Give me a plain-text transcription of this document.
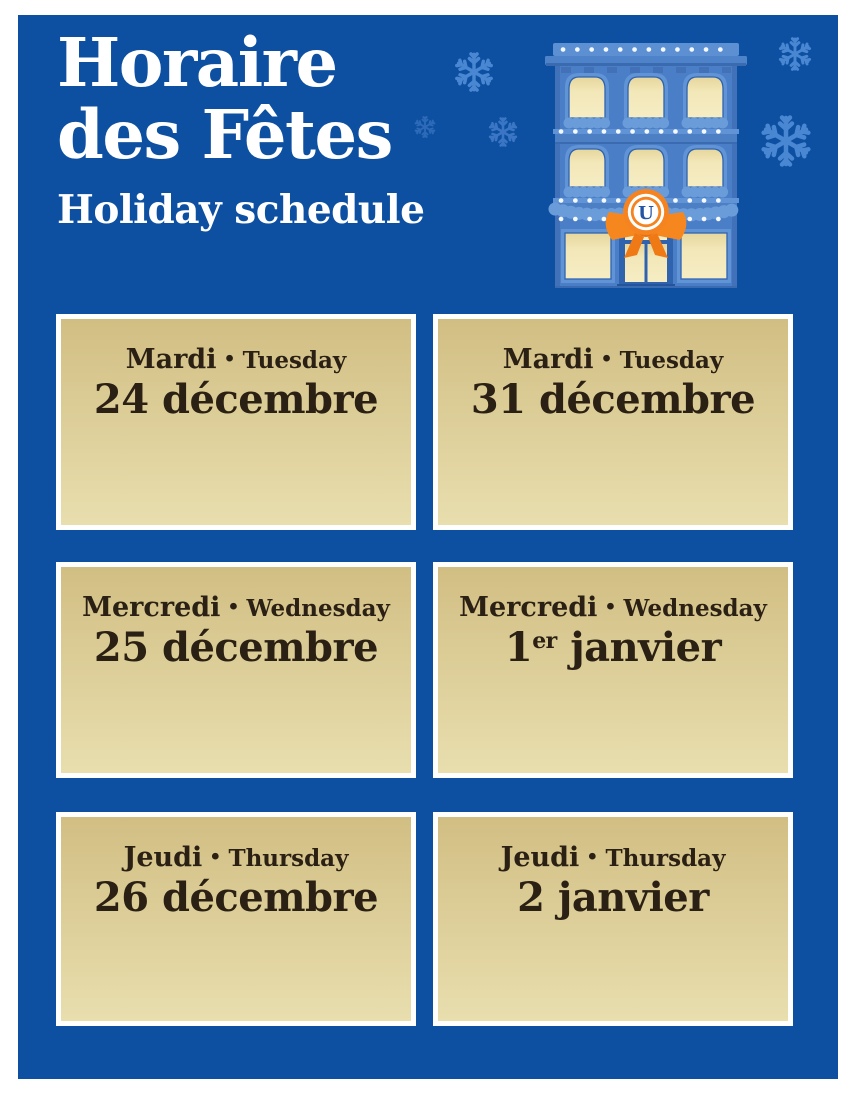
Horaire
des Fêtes
Holiday schedule	U
Mardi • Tuesday
24 décembre
Mardi • Tuesday
31 décembre
Mercredi • Wednesday
25 décembre
Mercredi • Wednesday
1er janvier
Jeudi • Thursday
26 décembre
Jeudi • Thursday
2 janvier
